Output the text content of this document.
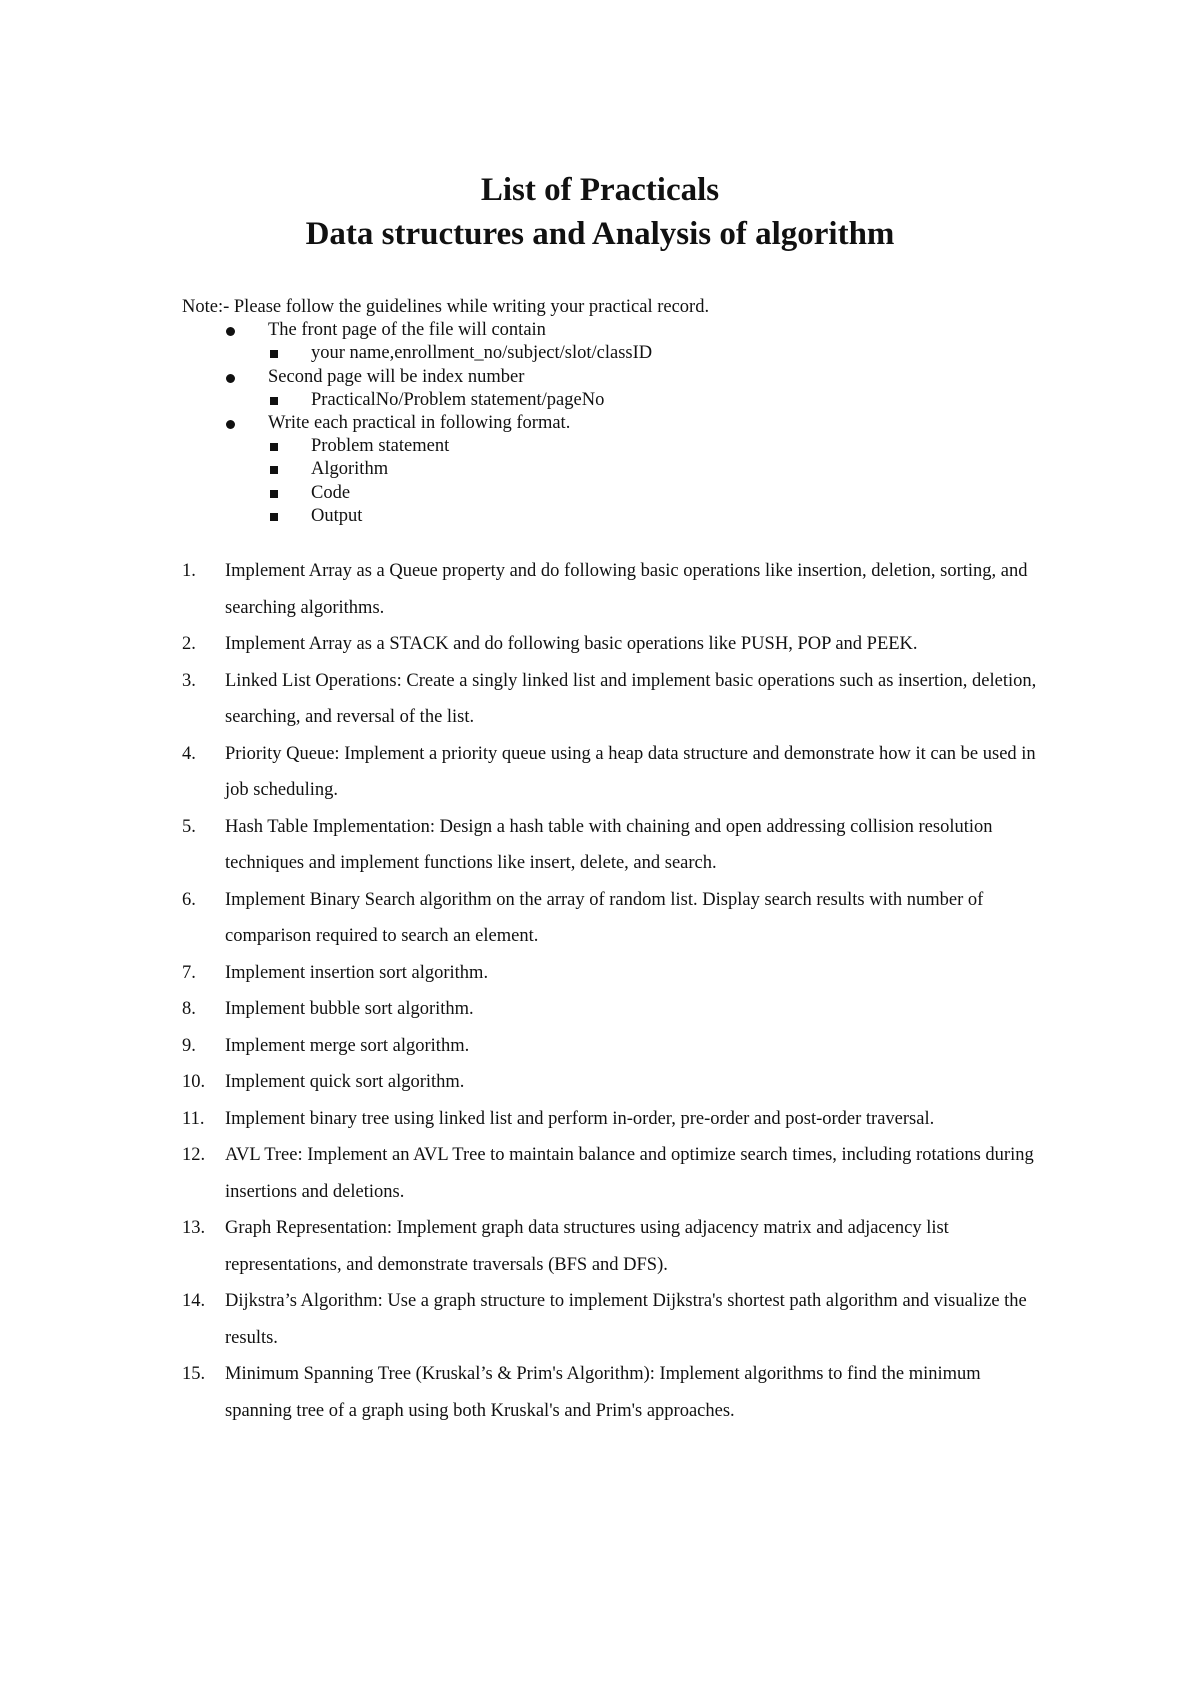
List of Practicals
Data structures and Analysis of algorithm
Note:- Please follow the guidelines while writing your practical record.
The front page of the file will contain
your name,enrollment_no/subject/slot/classID
Second page will be index number
PracticalNo/Problem statement/pageNo
Write each practical in following format.
Problem statement
Algorithm
Code
Output
1. Implement Array as a Queue property and do following basic operations like insertion, deletion, sorting, and searching algorithms.
2. Implement Array as a STACK and do following basic operations like PUSH, POP and PEEK.
3. Linked List Operations: Create a singly linked list and implement basic operations such as insertion, deletion, searching, and reversal of the list.
4. Priority Queue: Implement a priority queue using a heap data structure and demonstrate how it can be used in job scheduling.
5. Hash Table Implementation: Design a hash table with chaining and open addressing collision resolution techniques and implement functions like insert, delete, and search.
6. Implement Binary Search algorithm on the array of random list. Display search results with number of comparison required to search an element.
7. Implement insertion sort algorithm.
8. Implement bubble sort algorithm.
9. Implement merge sort algorithm.
10. Implement quick sort algorithm.
11. Implement binary tree using linked list and perform in-order, pre-order and post-order traversal.
12. AVL Tree: Implement an AVL Tree to maintain balance and optimize search times, including rotations during insertions and deletions.
13. Graph Representation: Implement graph data structures using adjacency matrix and adjacency list representations, and demonstrate traversals (BFS and DFS).
14. Dijkstra’s Algorithm: Use a graph structure to implement Dijkstra's shortest path algorithm and visualize the results.
15. Minimum Spanning Tree (Kruskal’s & Prim's Algorithm): Implement algorithms to find the minimum spanning tree of a graph using both Kruskal's and Prim's approaches.
